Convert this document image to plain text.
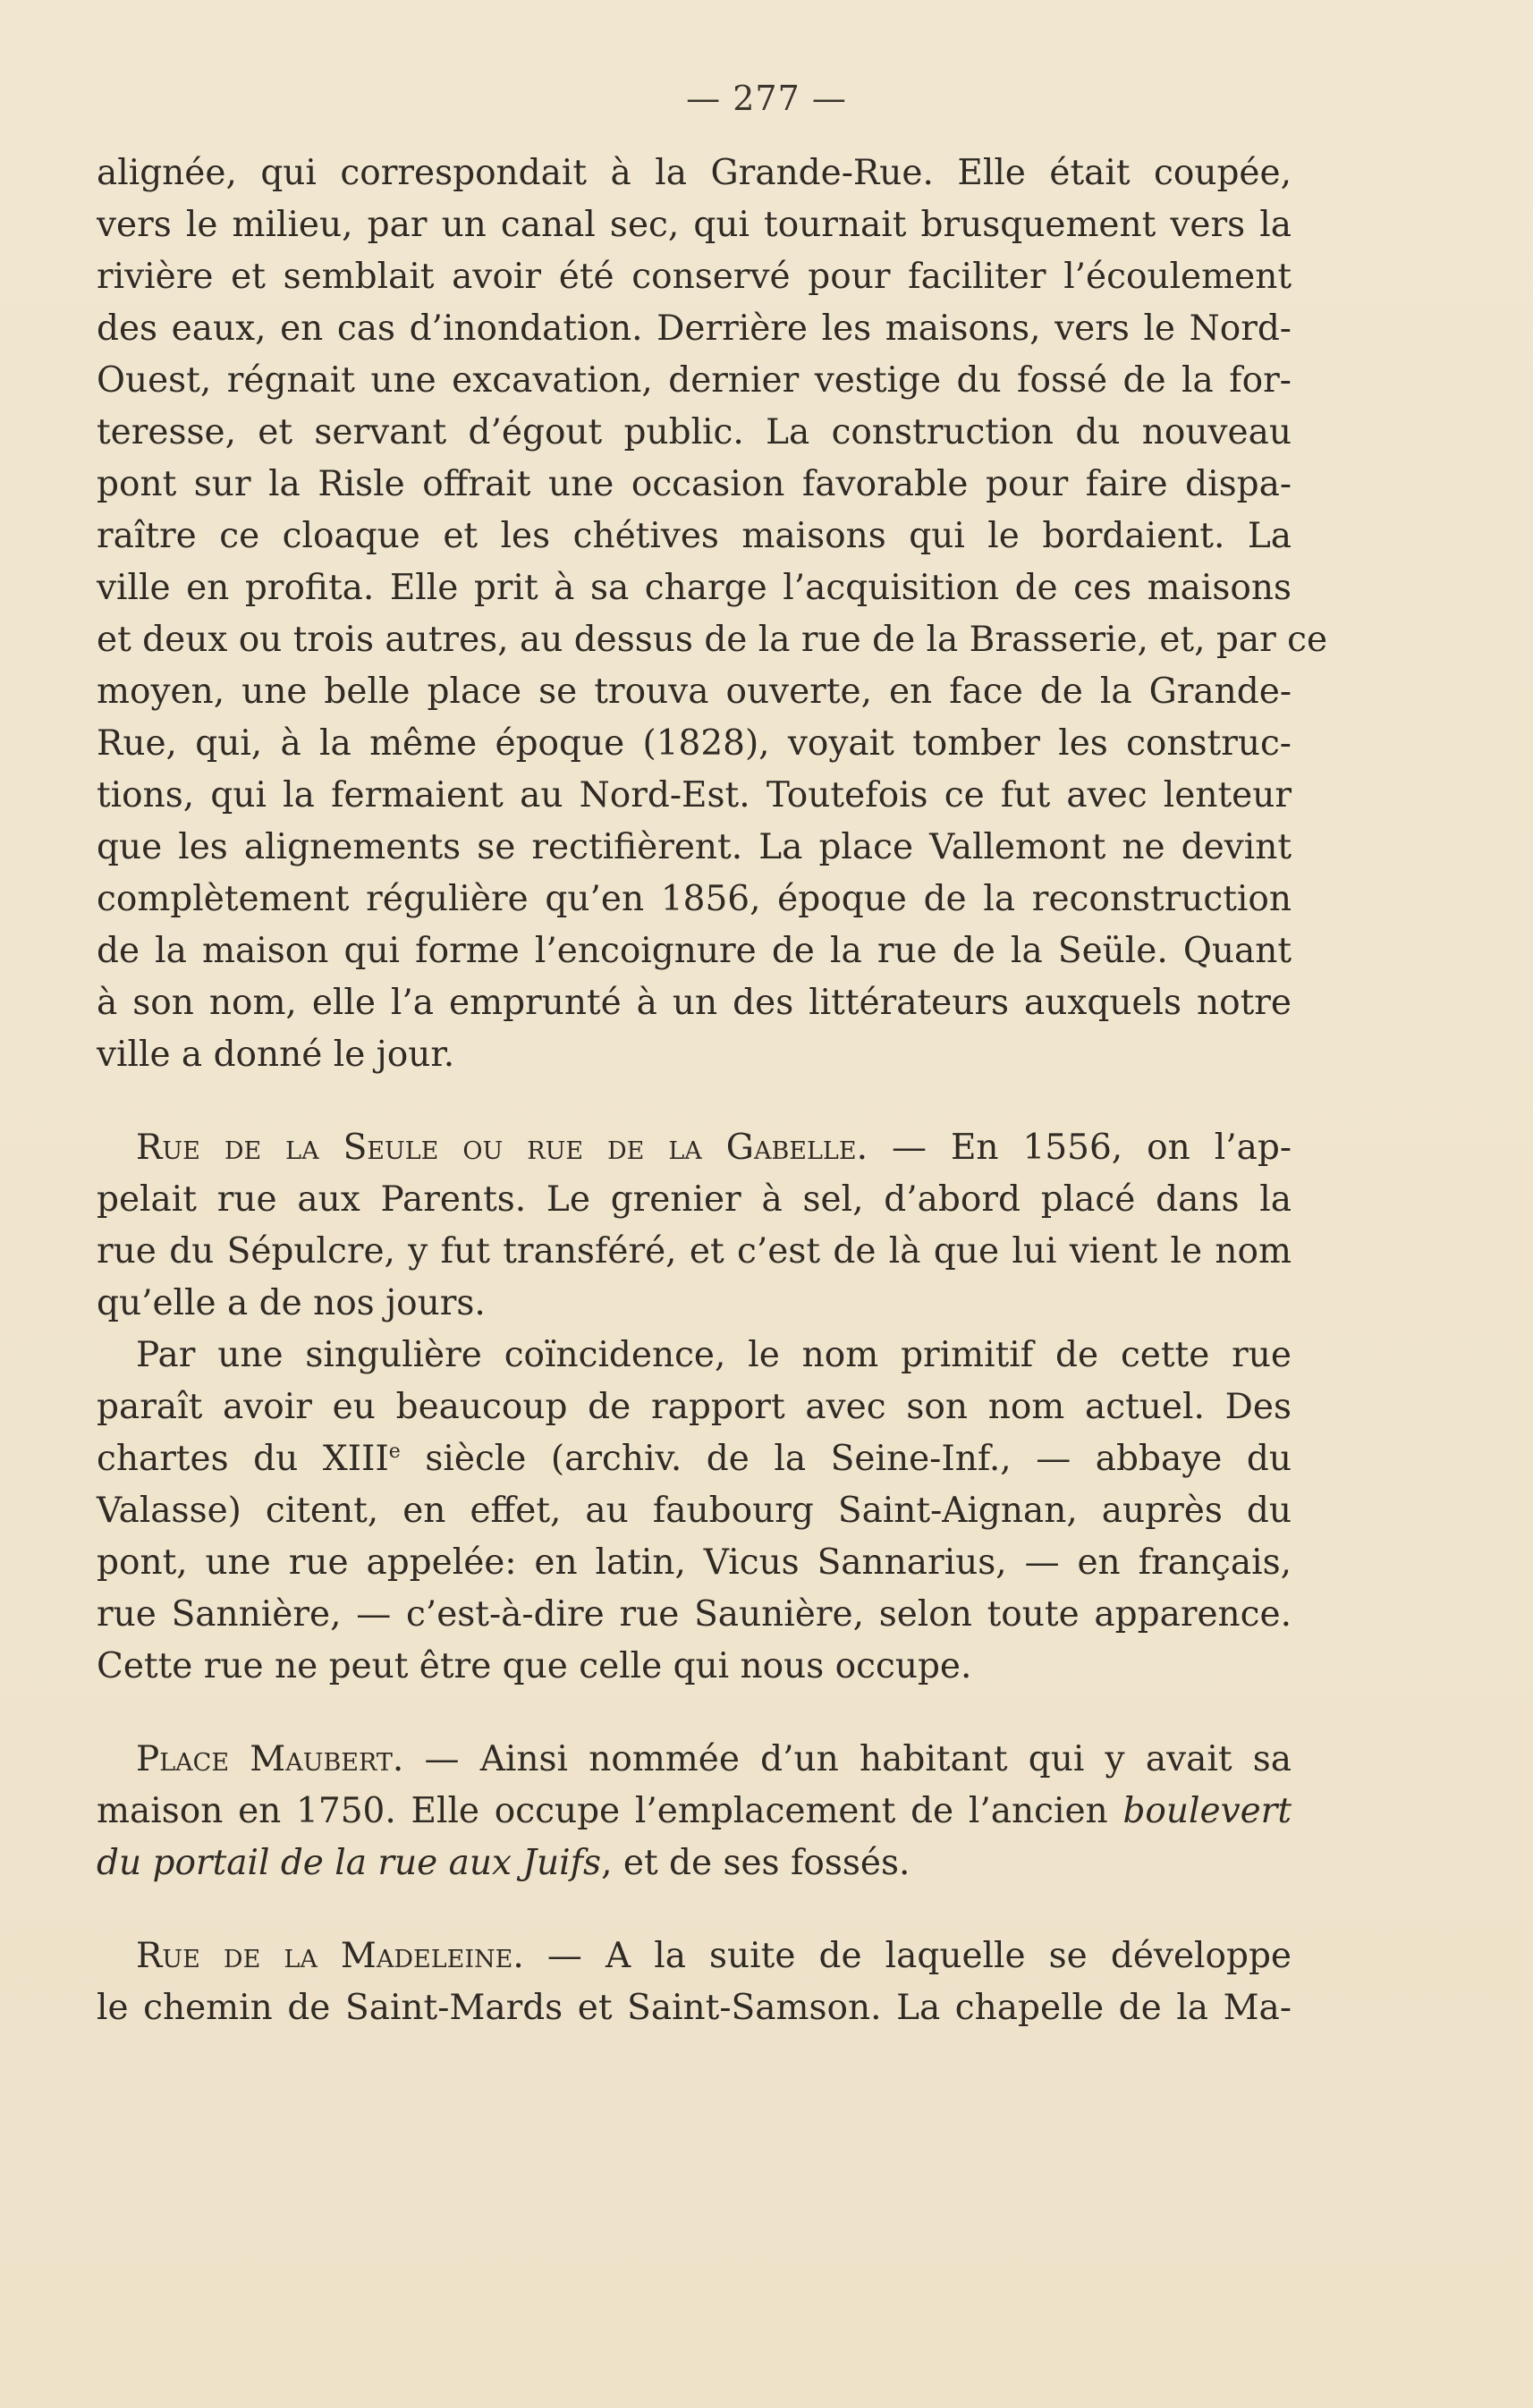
— 277 —
alignée, qui correspondait à la Grande-Rue. Elle était coupée,
vers le milieu, par un canal sec, qui tournait brusquement vers la
rivière et semblait avoir été conservé pour faciliter l’écoulement
des eaux, en cas d’inondation. Derrière les maisons, vers le Nord-
Ouest, régnait une excavation, dernier vestige du fossé de la for-
teresse, et servant d’égout public. La construction du nouveau
pont sur la Risle offrait une occasion favorable pour faire dispa-
raître ce cloaque et les chétives maisons qui le bordaient. La
ville en profita. Elle prit à sa charge l’acquisition de ces maisons
et deux ou trois autres, au dessus de la rue de la Brasserie, et, par ce
moyen, une belle place se trouva ouverte, en face de la Grande-
Rue, qui, à la même époque (1828), voyait tomber les construc-
tions, qui la fermaient au Nord-Est. Toutefois ce fut avec lenteur
que les alignements se rectifièrent. La place Vallemont ne devint
complètement régulière qu’en 1856, époque de la reconstruction
de la maison qui forme l’encoignure de la rue de la Seüle. Quant
à son nom, elle l’a emprunté à un des littérateurs auxquels notre
ville a donné le jour.
Rue de la Seule ou rue de la Gabelle. — En 1556, on l’ap-
pelait rue aux Parents. Le grenier à sel, d’abord placé dans la
rue du Sépulcre, y fut transféré, et c’est de là que lui vient le nom
qu’elle a de nos jours.
Par une singulière coïncidence, le nom primitif de cette rue
paraît avoir eu beaucoup de rapport avec son nom actuel. Des
chartes du XIIIe siècle (archiv. de la Seine-Inf., — abbaye du
Valasse) citent, en effet, au faubourg Saint-Aignan, auprès du
pont, une rue appelée: en latin, Vicus Sannarius, — en français,
rue Sannière, — c’est-à-dire rue Saunière, selon toute apparence.
Cette rue ne peut être que celle qui nous occupe.
Place Maubert. — Ainsi nommée d’un habitant qui y avait sa
maison en 1750. Elle occupe l’emplacement de l’ancien boulevert
du portail de la rue aux Juifs, et de ses fossés.
Rue de la Madeleine. — A la suite de laquelle se développe
le chemin de Saint-Mards et Saint-Samson. La chapelle de la Ma-
